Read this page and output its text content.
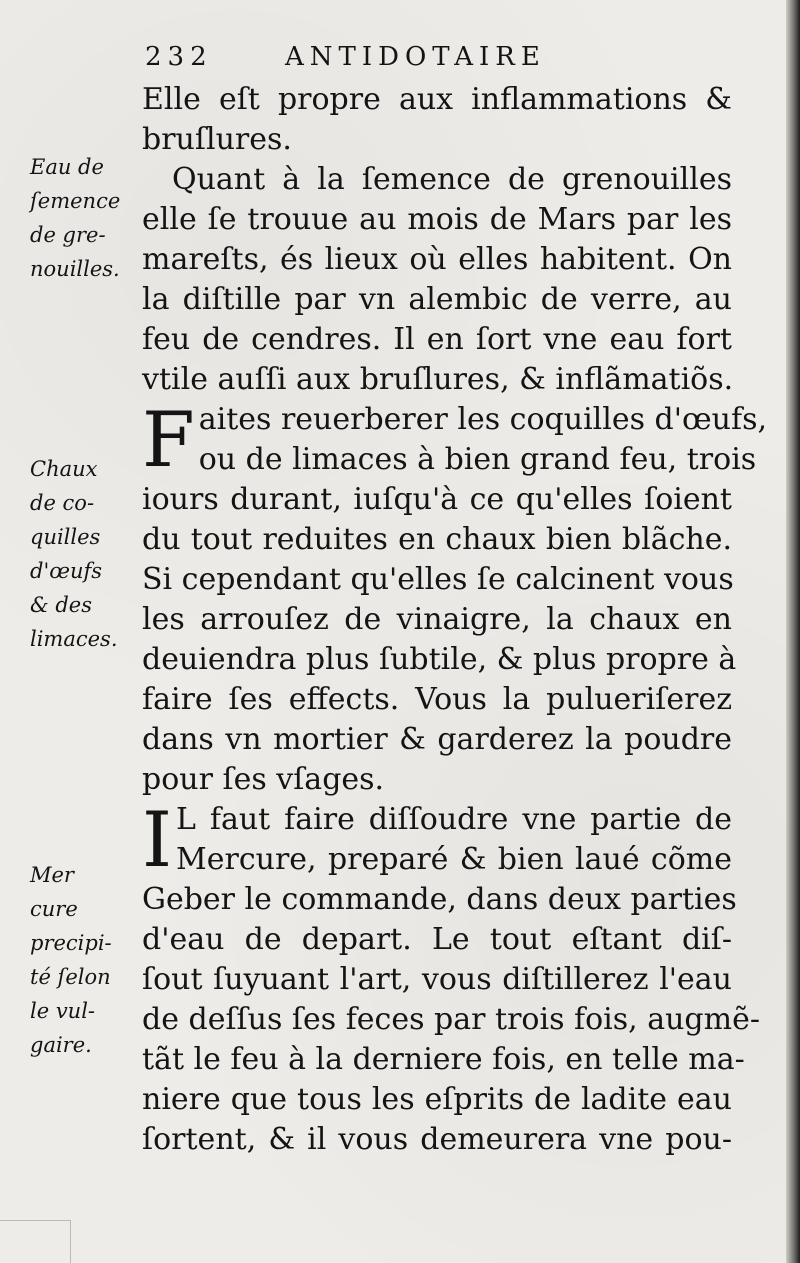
232	ANTIDOTAIRE
Eau de
ſemence
de gre-
nouilles.
Chaux
de co-
quilles
d'œufs
& des
limaces.
Mer
cure
precipi-
té ſelon
le vul-
gaire.
Elle eſt propre aux inflammations &
bruſlures.
Quant à la ſemence de grenouilles
elle ſe trouue au mois de Mars par les
mareſts, és lieux où elles habitent. On
la diſtille par vn alembic de verre, au
feu de cendres. Il en ſort vne eau fort
vtile auſſi aux bruſlures, & inflãmatiõs.
F aites reuerberer les coquilles d'œufs,
ou de limaces à bien grand feu, trois
iours durant, iuſqu'à ce qu'elles ſoient
du tout reduites en chaux bien blãche.
Si cependant qu'elles ſe calcinent vous
les arrouſez de vinaigre, la chaux en
deuiendra plus ſubtile, & plus propre à
faire ſes effects. Vous la pulueriſerez
dans vn mortier & garderez la poudre
pour ſes vſages.
I L faut faire diſſoudre vne partie de
Mercure, preparé & bien laué cõme
Geber le commande, dans deux parties
d'eau de depart. Le tout eſtant diſ-
ſout ſuyuant l'art, vous diſtillerez l'eau
de deſſus ſes feces par trois fois, augmẽ-
tãt le feu à la derniere fois, en telle ma-
niere que tous les eſprits de ladite eau
ſortent, & il vous demeurera vne pou-
